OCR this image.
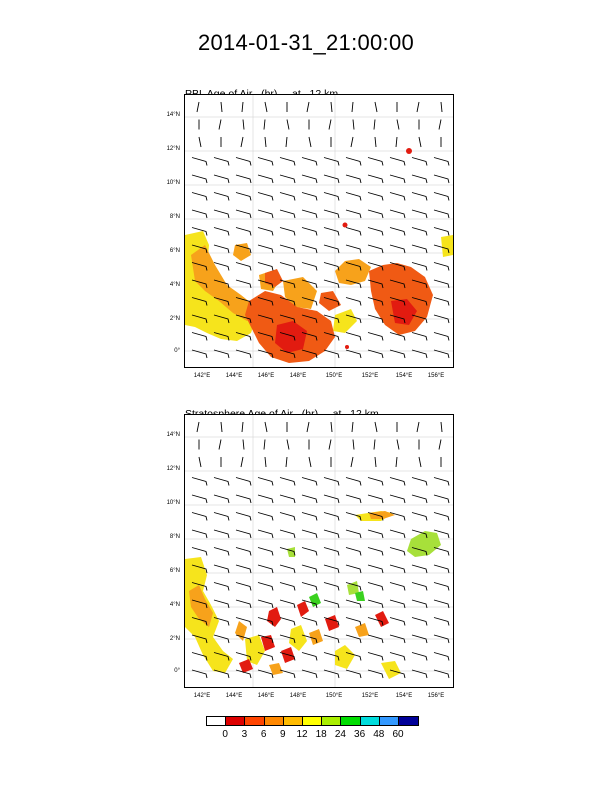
2014-01-31_21:00:00

14°N
12°N
10°N
8°N
6°N
4°N
2°N
0°
142°E	144°E	146°E	148°E	150°E	152°E	154°E	156°E
14°N
12°N
10°N
8°N
6°N
4°N
2°N
0°
142°E	144°E	146°E	148°E	150°E	152°E	154°E	156°E
0	3	6	9	12 18 24 36 48 60
